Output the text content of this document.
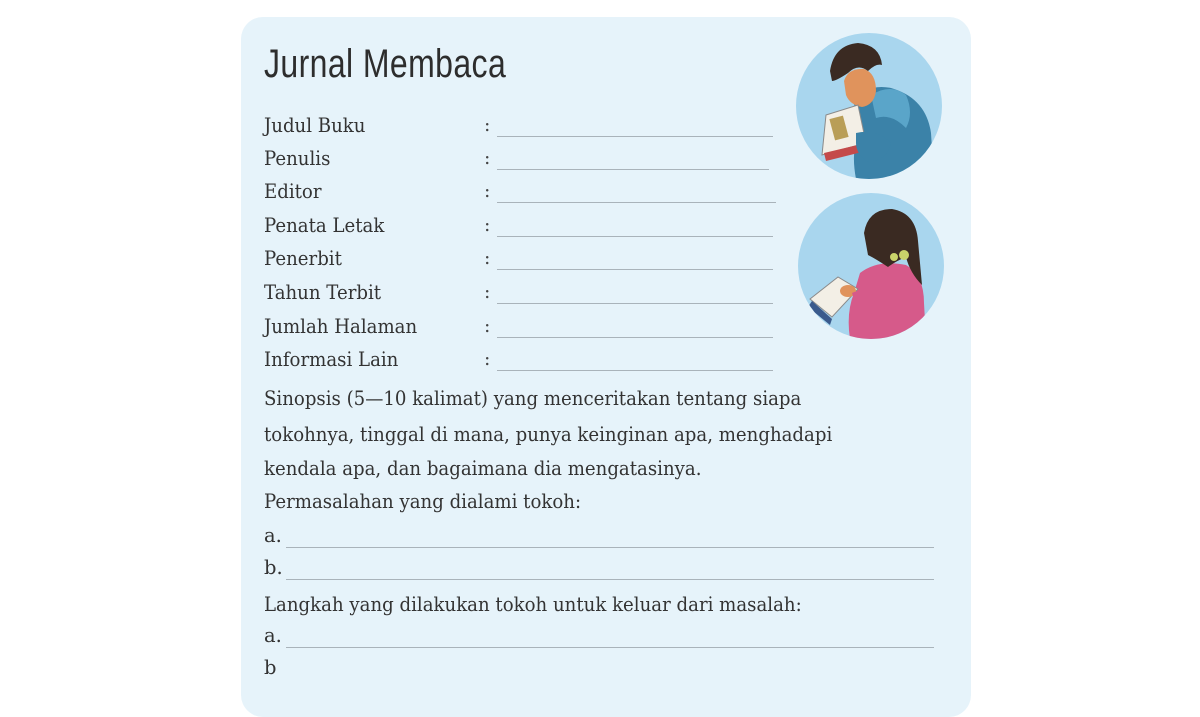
Jurnal Membaca
Judul Buku	:
Penulis	:
Editor	:
Penata Letak	:
Penerbit	:
Tahun Terbit	:
Jumlah Halaman	:
Informasi Lain	:
Sinopsis (5—10 kalimat) yang menceritakan tentang siapa
tokohnya, tinggal di mana, punya keinginan apa, menghadapi
kendala apa, dan bagaimana dia mengatasinya.
Permasalahan yang dialami tokoh:
a.
b.
Langkah yang dilakukan tokoh untuk keluar dari masalah:
a.
b
